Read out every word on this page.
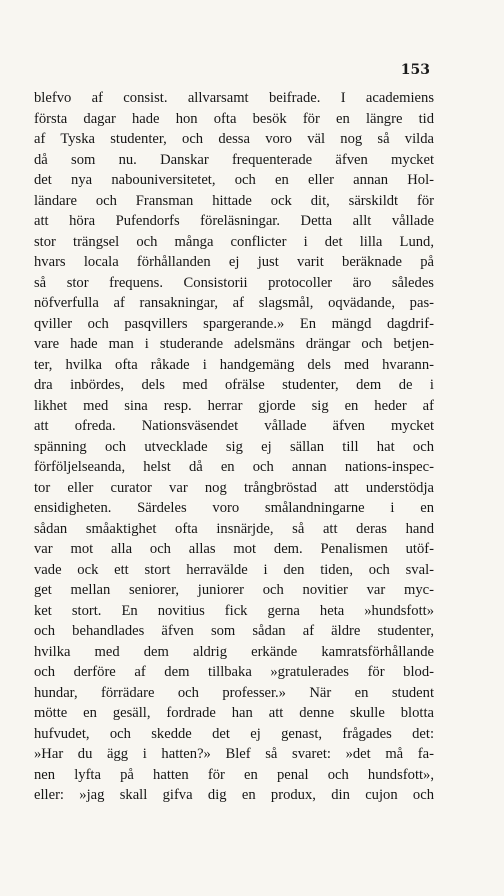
153
blefvo af consist. allvarsamt beifrade. I academiens
första dagar hade hon ofta besök för en längre tid
af Tyska studenter, och dessa voro väl nog så vilda
då som nu. Danskar frequenterade äfven mycket
det nya nabouniversitetet, och en eller annan Hol-
ländare och Fransman hittade ock dit, särskildt för
att höra Pufendorfs föreläsningar. Detta allt vållade
stor trängsel och många conflicter i det lilla Lund,
hvars locala förhållanden ej just varit beräknade på
så stor frequens. Consistorii protocoller äro således
nöfverfulla af ransakningar, af slagsmål, oqvädande, pas-
qviller och pasqvillers spargerande.» En mängd dagdrif-
vare hade man i studerande adelsmäns drängar och betjen-
ter, hvilka ofta råkade i handgemäng dels med hvarann-
dra inbördes, dels med ofrälse studenter, dem de i
likhet med sina resp. herrar gjorde sig en heder af
att ofreda. Nationsväsendet vållade äfven mycket
spänning och utvecklade sig ej sällan till hat och
förföljelseanda, helst då en och annan nations-inspec-
tor eller curator var nog trångbröstad att understödja
ensidigheten. Särdeles voro smålandningarne i en
sådan småaktighet ofta insnärjde, så att deras hand
var mot alla och allas mot dem. Penalismen utöf-
vade ock ett stort herravälde i den tiden, och sval-
get mellan seniorer, juniorer och novitier var myc-
ket stort. En novitius fick gerna heta »hundsfott»
och behandlades äfven som sådan af äldre studenter,
hvilka med dem aldrig erkände kamratsförhållande
och derföre af dem tillbaka »gratulerades för blod-
hundar, förrädare och professer.» När en student
mötte en gesäll, fordrade han att denne skulle blotta
hufvudet, och skedde det ej genast, frågades det:
»Har du ägg i hatten?» Blef så svaret: »det må fa-
nen lyfta på hatten för en penal och hundsfott»,
eller: »jag skall gifva dig en produx, din cujon och
